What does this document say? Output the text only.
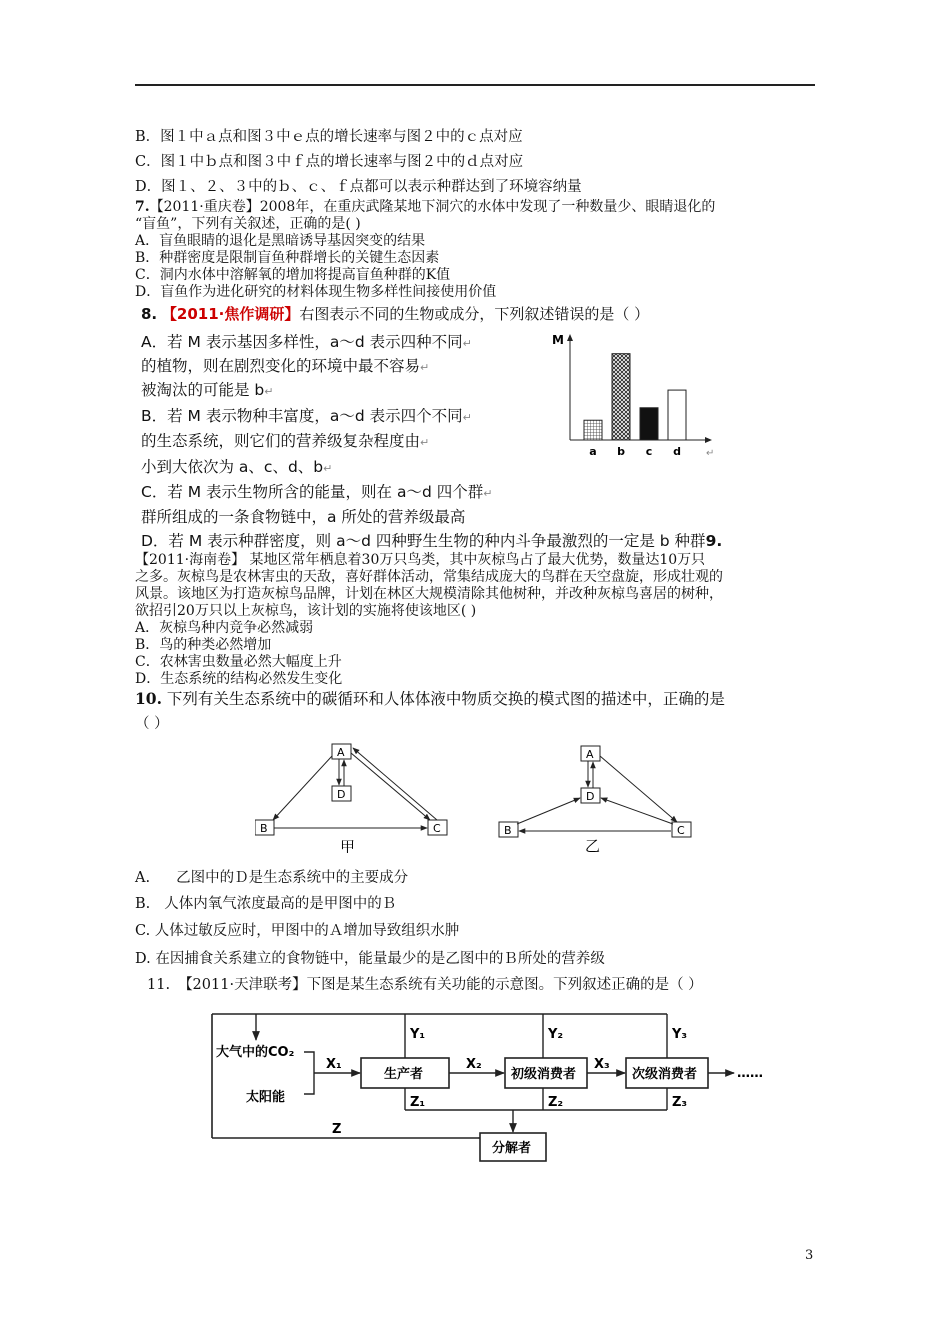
B．图１中ａ点和图３中ｅ点的增长速率与图２中的ｃ点对应
C．图１中ｂ点和图３中ｆ点的增长速率与图２中的ｄ点对应
D．图１、２、３中的ｂ、ｃ、ｆ点都可以表示种群达到了环境容纳量
7.【2011·重庆卷】2008年，在重庆武隆某地下洞穴的水体中发现了一种数量少、眼睛退化的
“盲鱼”，下列有关叙述，正确的是( )
A．盲鱼眼睛的退化是黑暗诱导基因突变的结果
B．种群密度是限制盲鱼种群增长的关键生态因素
C．洞内水体中溶解氧的增加将提高盲鱼种群的K值
D．盲鱼作为进化研究的材料体现生物多样性间接使用价值
8. 【2011·焦作调研】右图表示不同的生物或成分，下列叙述错误的是（ ）
A．若 M 表示基因多样性，a～d 表示四种不同↵
的植物，则在剧烈变化的环境中最不容易↵
被淘汰的可能是 b↵
B．若 M 表示物种丰富度，a～d 表示四个不同↵
的生态系统，则它们的营养级复杂程度由↵
小到大依次为 a、c、d、b↵
C．若 M 表示生物所含的能量，则在 a～d 四个群↵
群所组成的一条食物链中，a 所处的营养级最高
D．若 M 表示种群密度，则 a～d 四种野生生物的种内斗争最激烈的一定是 b 种群9.
M
a b c d	↵
【2011·海南卷】 某地区常年栖息着30万只鸟类，其中灰椋鸟占了最大优势，数量达10万只
之多。灰椋鸟是农林害虫的天敌，喜好群体活动，常集结成庞大的鸟群在天空盘旋，形成壮观的
风景。该地区为打造灰椋鸟品牌，计划在林区大规模清除其他树种，并改种灰椋鸟喜居的树种，
欲招引20万只以上灰椋鸟，该计划的实施将使该地区( )
A．灰椋鸟种内竞争必然减弱
B．鸟的种类必然增加
C．农林害虫数量必然大幅度上升
D．生态系统的结构必然发生变化
10. 下列有关生态系统中的碳循环和人体体液中物质交换的模式图的描述中，正确的是
（ ）
A
D
B	C
甲
A
D
B	C
乙
A. 乙图中的Ｄ是生态系统中的主要成分
B. 人体内氧气浓度最高的是甲图中的Ｂ
C. 人体过敏反应时，甲图中的Ａ增加导致组织水肿
D. 在因捕食关系建立的食物链中，能量最少的是乙图中的Ｂ所处的营养级
11. 【2011·天津联考】下图是某生态系统有关功能的示意图。下列叙述正确的是（ ）
大气中的CO₂
太阳能
X₁
生产者
Y₁
Z₁
X₂
初级消费者
Y₂
Z₂
X₃
次级消费者
Y₃
Z₃
……
分解者
Z
3
